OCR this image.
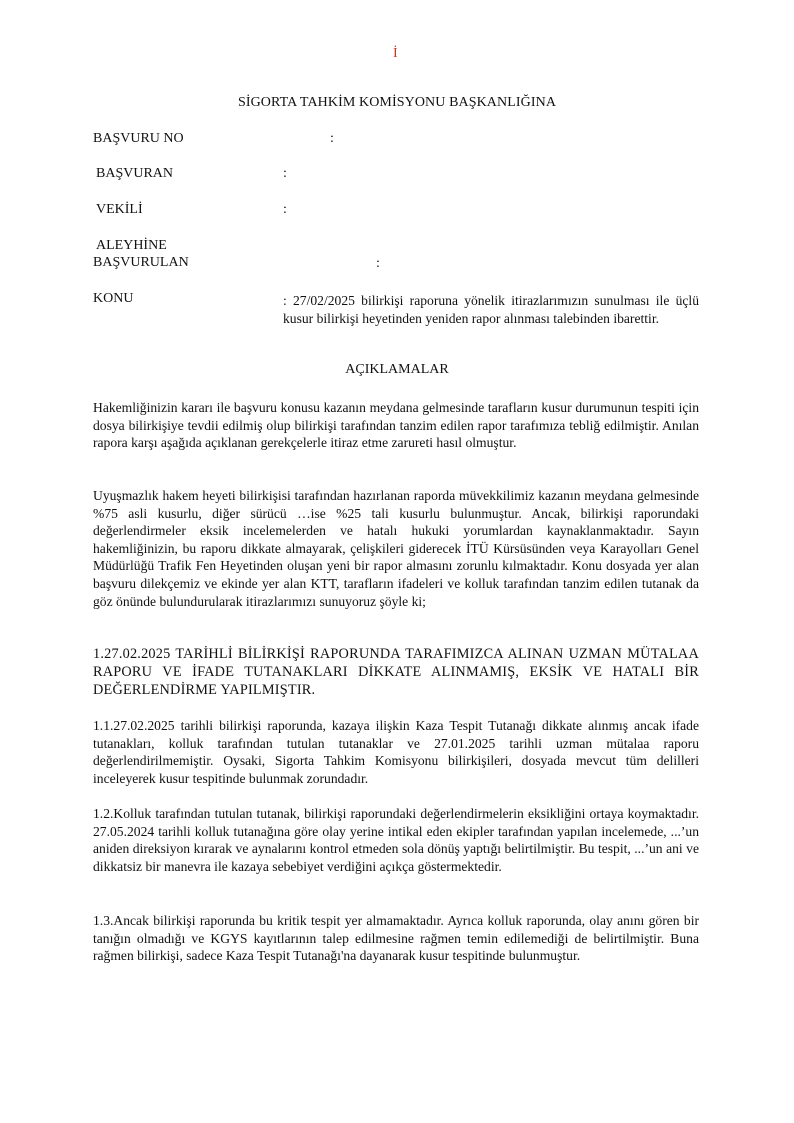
İ
SİGORTA TAHKİM KOMİSYONU BAŞKANLIĞINA
BAŞVURU NO	:
BAŞVURAN	:
VEKİLİ	:
ALEYHİNE
BAŞVURULAN	:
KONU	: 27/02/2025 bilirkişi raporuna yönelik itirazlarımızın sunulması ile üçlü kusur bilirkişi heyetinden yeniden rapor alınması talebinden ibarettir.
AÇIKLAMALAR
Hakemliğinizin kararı ile başvuru konusu kazanın meydana gelmesinde tarafların kusur durumunun tespiti için dosya bilirkişiye tevdii edilmiş olup bilirkişi tarafından tanzim edilen rapor tarafımıza tebliğ edilmiştir. Anılan rapora karşı aşağıda açıklanan gerekçelerle itiraz etme zarureti hasıl olmuştur.
Uyuşmazlık hakem heyeti bilirkişisi tarafından hazırlanan raporda müvekkilimiz kazanın meydana gelmesinde %75 asli kusurlu, diğer sürücü …ise %25 tali kusurlu bulunmuştur. Ancak, bilirkişi raporundaki değerlendirmeler eksik incelemelerden ve hatalı hukuki yorumlardan kaynaklanmaktadır. Sayın hakemliğinizin, bu raporu dikkate almayarak, çelişkileri giderecek İTÜ Kürsüsünden veya Karayolları Genel Müdürlüğü Trafik Fen Heyetinden oluşan yeni bir rapor almasını zorunlu kılmaktadır. Konu dosyada yer alan başvuru dilekçemiz ve ekinde yer alan KTT, tarafların ifadeleri ve kolluk tarafından tanzim edilen tutanak da göz önünde bulundurularak itirazlarımızı sunuyoruz şöyle ki;
1.27.02.2025 TARİHLİ BİLİRKİŞİ RAPORUNDA TARAFIMIZCA ALINAN UZMAN MÜTALAA RAPORU VE İFADE TUTANAKLARI DİKKATE ALINMAMIŞ, EKSİK VE HATALI BİR DEĞERLENDİRME YAPILMIŞTIR.
1.1.27.02.2025 tarihli bilirkişi raporunda, kazaya ilişkin Kaza Tespit Tutanağı dikkate alınmış ancak ifade tutanakları, kolluk tarafından tutulan tutanaklar ve 27.01.2025 tarihli uzman mütalaa raporu değerlendirilmemiştir. Oysaki, Sigorta Tahkim Komisyonu bilirkişileri, dosyada mevcut tüm delilleri inceleyerek kusur tespitinde bulunmak zorundadır.
1.2.Kolluk tarafından tutulan tutanak, bilirkişi raporundaki değerlendirmelerin eksikliğini ortaya koymaktadır. 27.05.2024 tarihli kolluk tutanağına göre olay yerine intikal eden ekipler tarafından yapılan incelemede, ...’un aniden direksiyon kırarak ve aynalarını kontrol etmeden sola dönüş yaptığı belirtilmiştir. Bu tespit, ...’un ani ve dikkatsiz bir manevra ile kazaya sebebiyet verdiğini açıkça göstermektedir.
1.3.Ancak bilirkişi raporunda bu kritik tespit yer almamaktadır. Ayrıca kolluk raporunda, olay anını gören bir tanığın olmadığı ve KGYS kayıtlarının talep edilmesine rağmen temin edilemediği de belirtilmiştir. Buna rağmen bilirkişi, sadece Kaza Tespit Tutanağı'na dayanarak kusur tespitinde bulunmuştur.
